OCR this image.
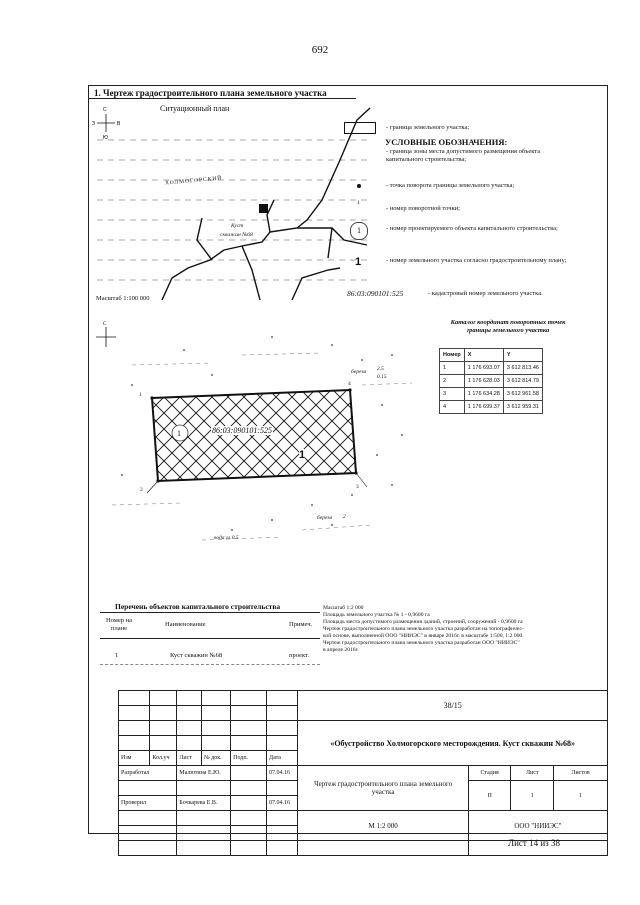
692
1. Чертеж градостроительного плана земельного участка
С
З	В
Ю
Ситуационный план
ХОЛМОГОРСКИЙ
Куст
скважин №68
Масштаб 1:100 000
УСЛОВНЫЕ ОБОЗНАЧЕНИЯ:
- граница земельного участка;
- граница зоны места допустимого размещения объекта капитального строительства;
- точка поворота границы земельного участка;
1
- номер поворотной точки;
1	- номер проектируемого объекта капитального строительства;
1	- номер земельного участка согласно градостроительному плану;
86:03:090101:525	- кадастровый номер земельного участка.
Каталог координат поворотных точек границы земельного участка
Номер	X	Y
1	1 176 693.07	3 612 813.46
2	1 176 628.03	3 612 814.79
3	1 176 634.28	3 612 961.58
4	1 176 699.37	3 612 959.31
С
1	86:03:090101:525
1
2	3
4
1
береза 2.5
0.15
береза 2
вода гл.0.5
Перечень объектов капитального строительства
Номер на плане
Наименование	Примеч.
1	Куст скважин №68	проект.
Масштаб 1:2 000
Площадь земельного участка № 1 - 0,9600 га
Площадь места допустимого размещения зданий, строений, сооружений - 0,9600 га
Чертеж градостроительного плана земельного участка разработан на топографичес-
кой основе, выполненной ООО "НИИЭС" в январе 2016г. в масштабе 1:500, 1:2 000.
Чертеж градостроительного плана земельного участка разработан ООО "НИИЭС"
в апреле 2016г.
						38/15			

						«Обустройство Холмогорского месторождения. Куст скважин №68»			

Изм	Кол.уч	Лист	№ док.	Подп.	Дата				
Разработал		Малютина Е.Ю.			07.04.16	Чертеж градостроительного плана земельного участка	Стадия	Лист	Листов
							П	1	1
Проверил		Бочкарева Е.В.			07.04.16				
						М 1:2 000	ООО "НИИЭС"		

Лист 14 из 38
